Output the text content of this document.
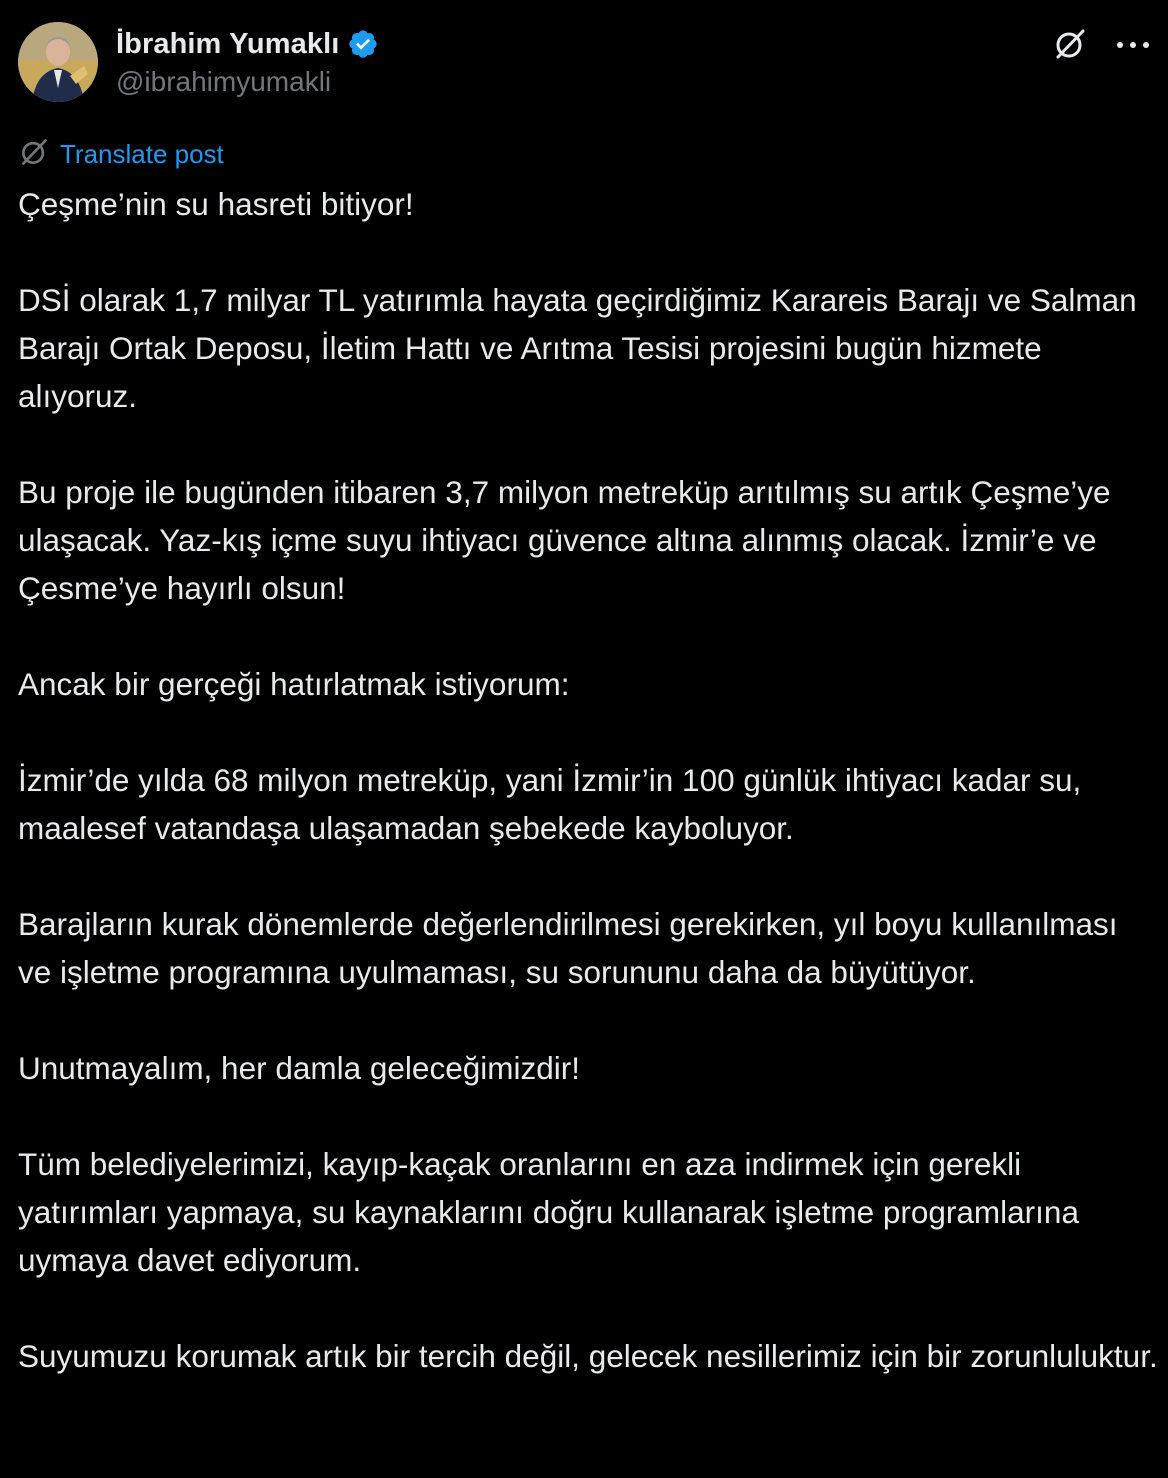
İbrahim Yumaklı
@ibrahimyumakli
Translate post

Çeşme’nin su hasreti bitiyor!

DSİ olarak 1,7 milyar TL yatırımla hayata geçirdiğimiz Karareis Barajı ve Salman Barajı Ortak Deposu, İletim Hattı ve Arıtma Tesisi projesini bugün hizmete alıyoruz.

Bu proje ile bugünden itibaren 3,7 milyon metreküp arıtılmış su artık Çeşme’ye ulaşacak. Yaz-kış içme suyu ihtiyacı güvence altına alınmış olacak. İzmir’e ve Çesme’ye hayırlı olsun!

Ancak bir gerçeği hatırlatmak istiyorum:

İzmir’de yılda 68 milyon metreküp, yani İzmir’in 100 günlük ihtiyacı kadar su, maalesef vatandaşa ulaşamadan şebekede kayboluyor.

Barajların kurak dönemlerde değerlendirilmesi gerekirken, yıl boyu kullanılması ve işletme programına uyulmaması, su sorununu daha da büyütüyor.

Unutmayalım, her damla geleceğimizdir!

Tüm belediyelerimizi, kayıp-kaçak oranlarını en aza indirmek için gerekli yatırımları yapmaya, su kaynaklarını doğru kullanarak işletme programlarına uymaya davet ediyorum.

Suyumuzu korumak artık bir tercih değil, gelecek nesillerimiz için bir zorunluluktur.
